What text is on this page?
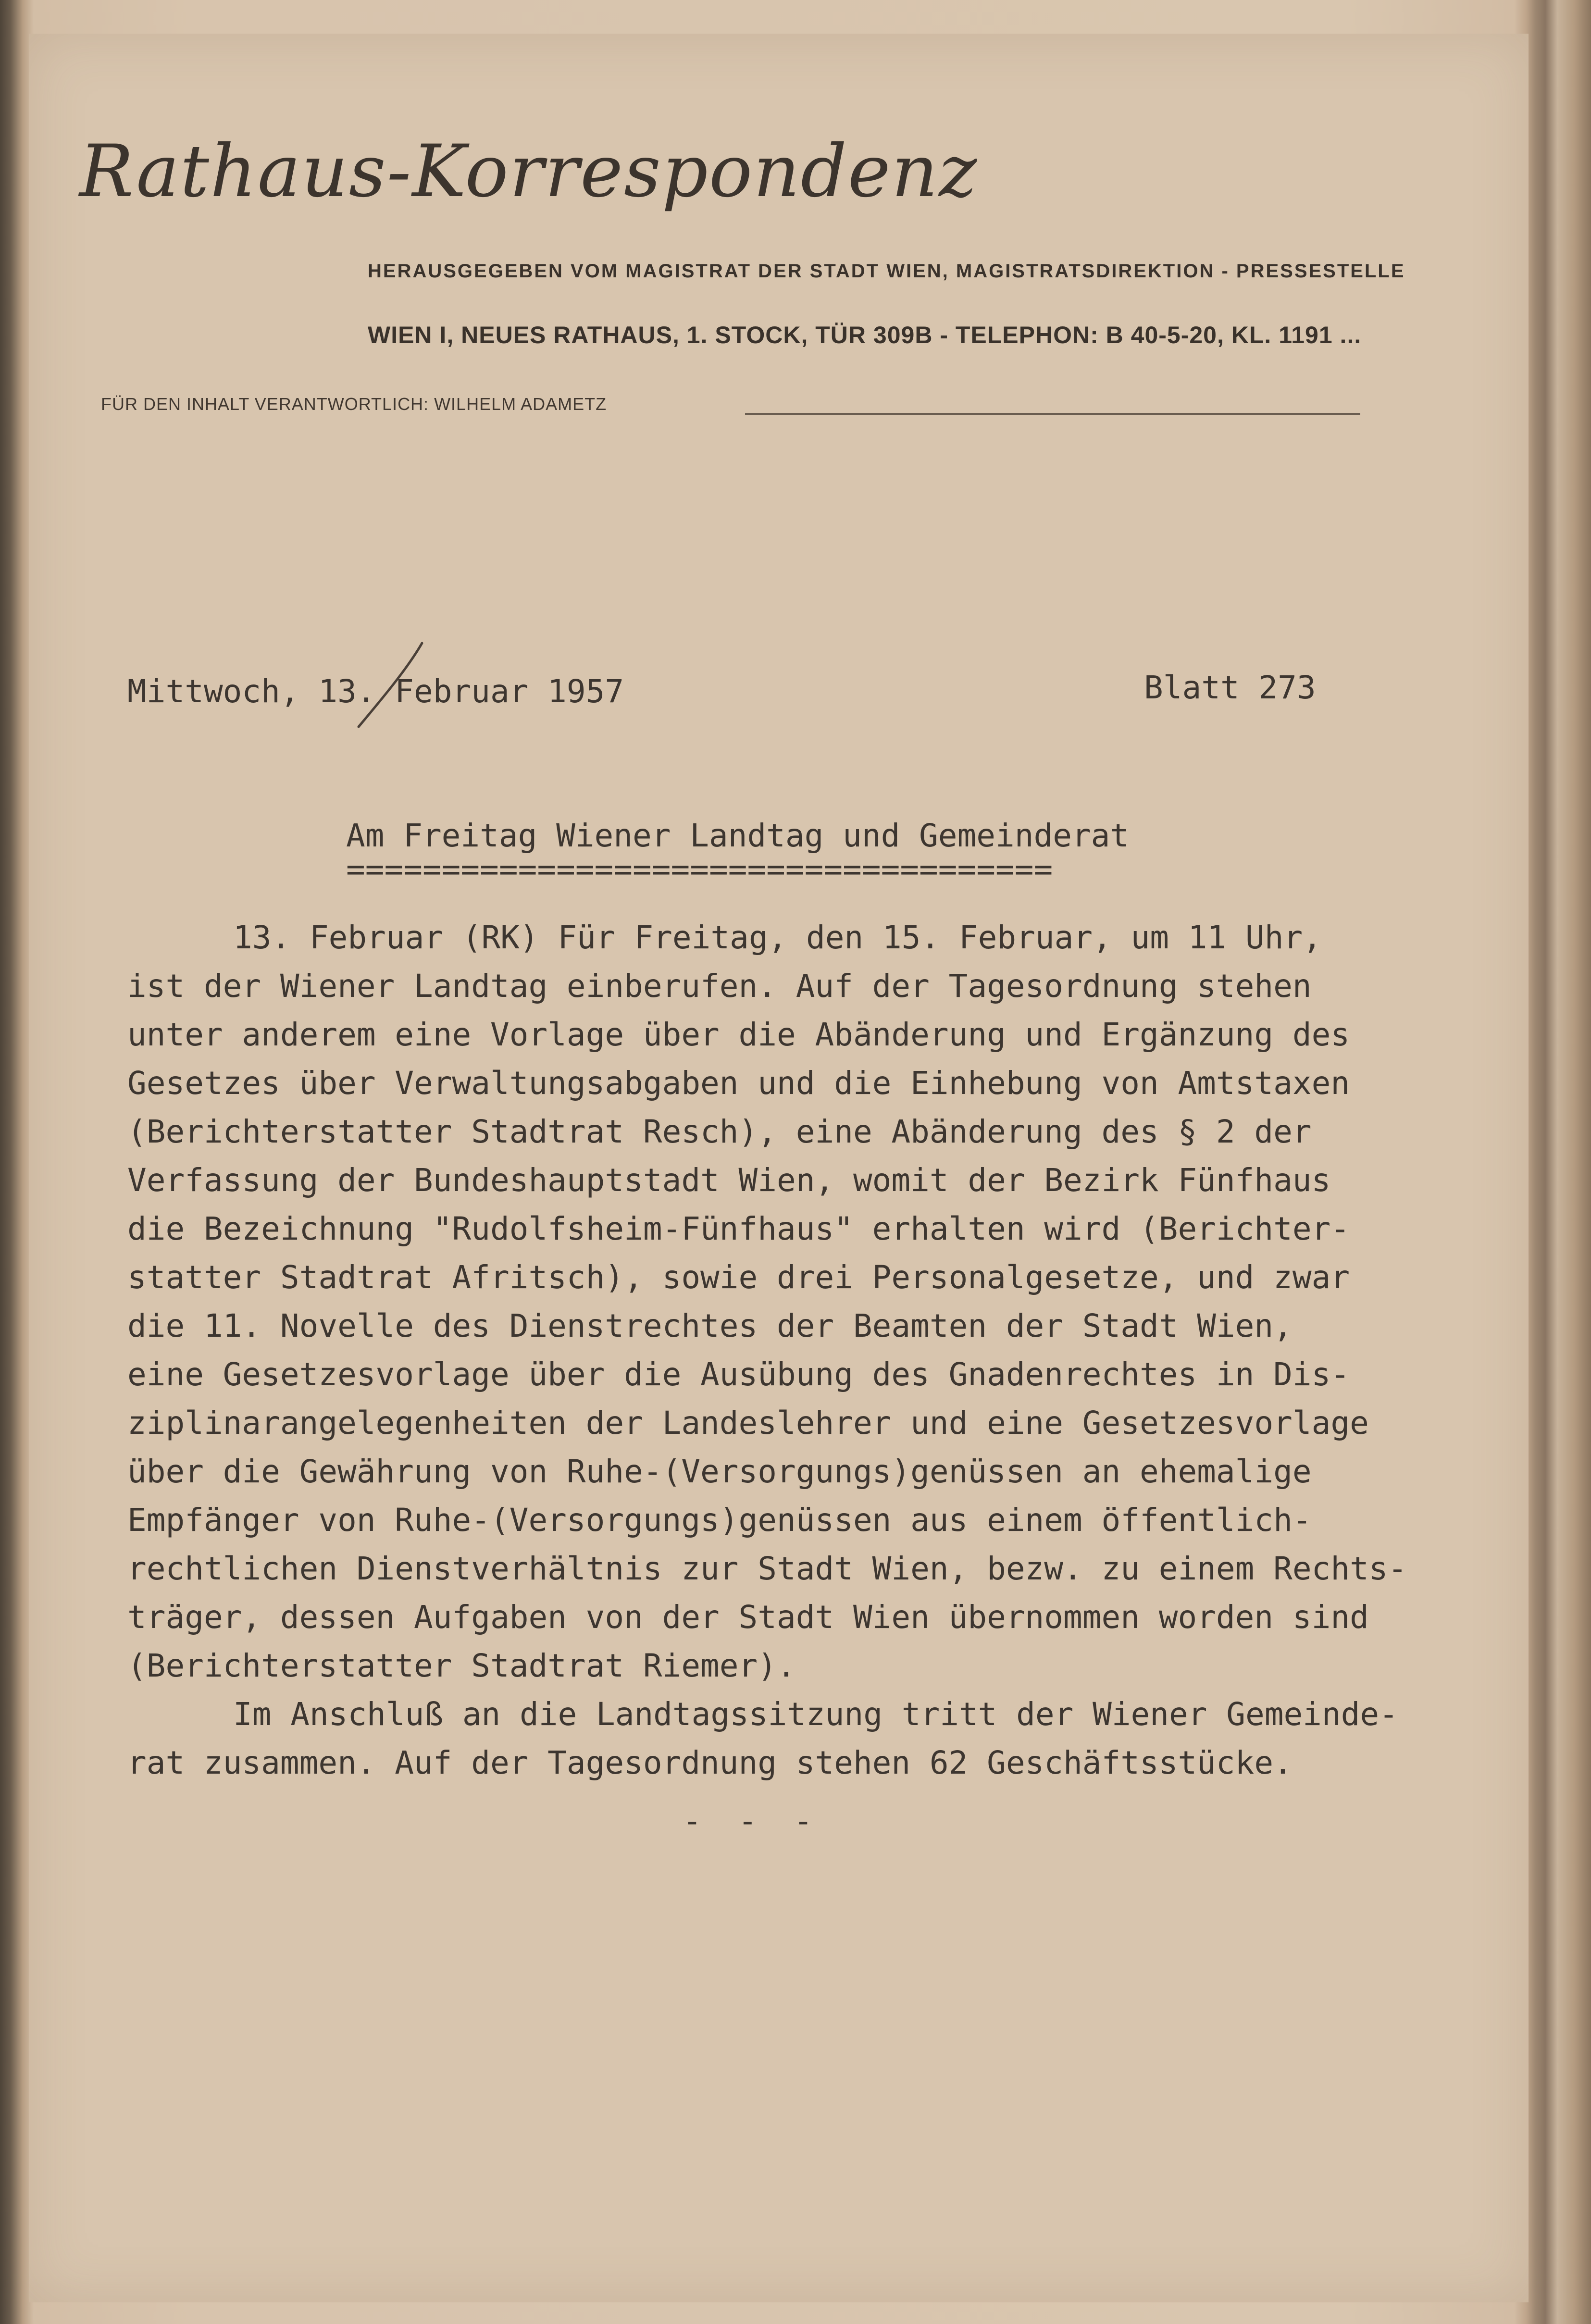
Rathaus-Korrespondenz
HERAUSGEGEBEN VOM MAGISTRAT DER STADT WIEN, MAGISTRATSDIREKTION - PRESSESTELLE
WIEN I, NEUES RATHAUS, 1. STOCK, TÜR 309B - TELEPHON: B 40-5-20, KL. 1191 ...
FÜR DEN INHALT VERANTWORTLICH: WILHELM ADAMETZ
Mittwoch, 13. Februar 1957	Blatt 273
Am Freitag Wiener Landtag und Gemeinderat
=====================================
13. Februar (RK) Für Freitag, den 15. Februar, um 11 Uhr,
ist der Wiener Landtag einberufen. Auf der Tagesordnung stehen
unter anderem eine Vorlage über die Abänderung und Ergänzung des
Gesetzes über Verwaltungsabgaben und die Einhebung von Amtstaxen
(Berichterstatter Stadtrat Resch), eine Abänderung des § 2 der
Verfassung der Bundeshauptstadt Wien, womit der Bezirk Fünfhaus
die Bezeichnung "Rudolfsheim-Fünfhaus" erhalten wird (Berichter-
statter Stadtrat Afritsch), sowie drei Personalgesetze, und zwar
die 11. Novelle des Dienstrechtes der Beamten der Stadt Wien,
eine Gesetzesvorlage über die Ausübung des Gnadenrechtes in Dis-
ziplinarangelegenheiten der Landeslehrer und eine Gesetzesvorlage
über die Gewährung von Ruhe-(Versorgungs)genüssen an ehemalige
Empfänger von Ruhe-(Versorgungs)genüssen aus einem öffentlich-
rechtlichen Dienstverhältnis zur Stadt Wien, bezw. zu einem Rechts-
träger, dessen Aufgaben von der Stadt Wien übernommen worden sind
(Berichterstatter Stadtrat Riemer).
Im Anschluß an die Landtagssitzung tritt der Wiener Gemeinde-
rat zusammen. Auf der Tagesordnung stehen 62 Geschäftsstücke.
- - -
